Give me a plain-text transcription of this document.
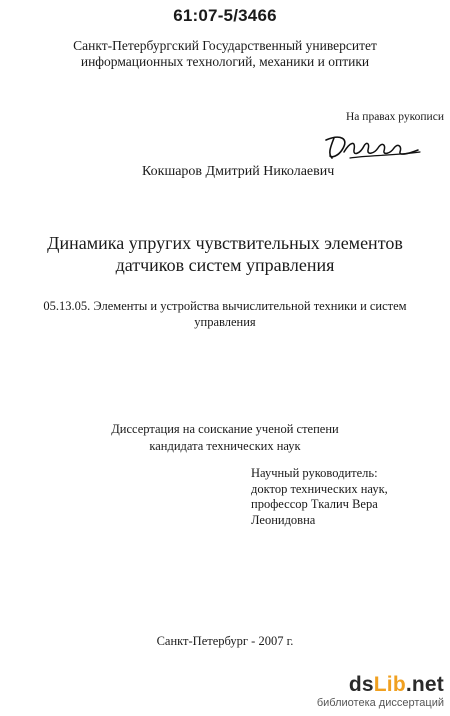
61:07-5/3466
Санкт-Петербургский Государственный университет
информационных технологий, механики и оптики
На правах рукописи
Кокшаров Дмитрий Николаевич
Динамика упругих чувствительных элементов
датчиков систем управления
05.13.05. Элементы и устройства вычислительной техники и систем
управления
Диссертация на соискание ученой степени
кандидата технических наук
Научный руководитель:
доктор технических наук,
профессор Ткалич Вера
Леонидовна
Санкт-Петербург - 2007 г.
dsLib.net
библиотека диссертаций
